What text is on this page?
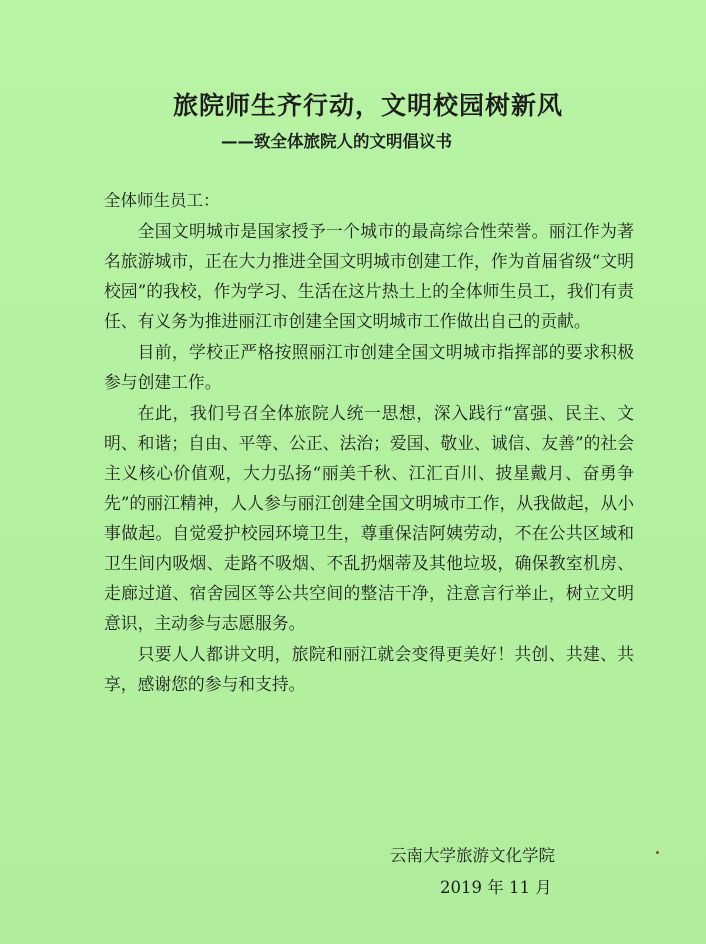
旅院师生齐行动，文明校园树新风
——致全体旅院人的文明倡议书

全体师生员工：

全国文明城市是国家授予一个城市的最高综合性荣誉。丽江作为著名旅游城市，正在大力推进全国文明城市创建工作，作为首届省级“文明校园”的我校，作为学习、生活在这片热土上的全体师生员工，我们有责任、有义务为推进丽江市创建全国文明城市工作做出自己的贡献。

目前，学校正严格按照丽江市创建全国文明城市指挥部的要求积极参与创建工作。

在此，我们号召全体旅院人统一思想，深入践行“富强、民主、文明、和谐；自由、平等、公正、法治；爱国、敬业、诚信、友善”的社会主义核心价值观，大力弘扬“丽美千秋、江汇百川、披星戴月、奋勇争先”的丽江精神，人人参与丽江创建全国文明城市工作，从我做起，从小事做起。自觉爱护校园环境卫生，尊重保洁阿姨劳动，不在公共区域和卫生间内吸烟、走路不吸烟、不乱扔烟蒂及其他垃圾，确保教室机房、走廊过道、宿舍园区等公共空间的整洁干净，注意言行举止，树立文明意识，主动参与志愿服务。

只要人人都讲文明，旅院和丽江就会变得更美好！共创、共建、共享，感谢您的参与和支持。

云南大学旅游文化学院

2019 年 11 月
